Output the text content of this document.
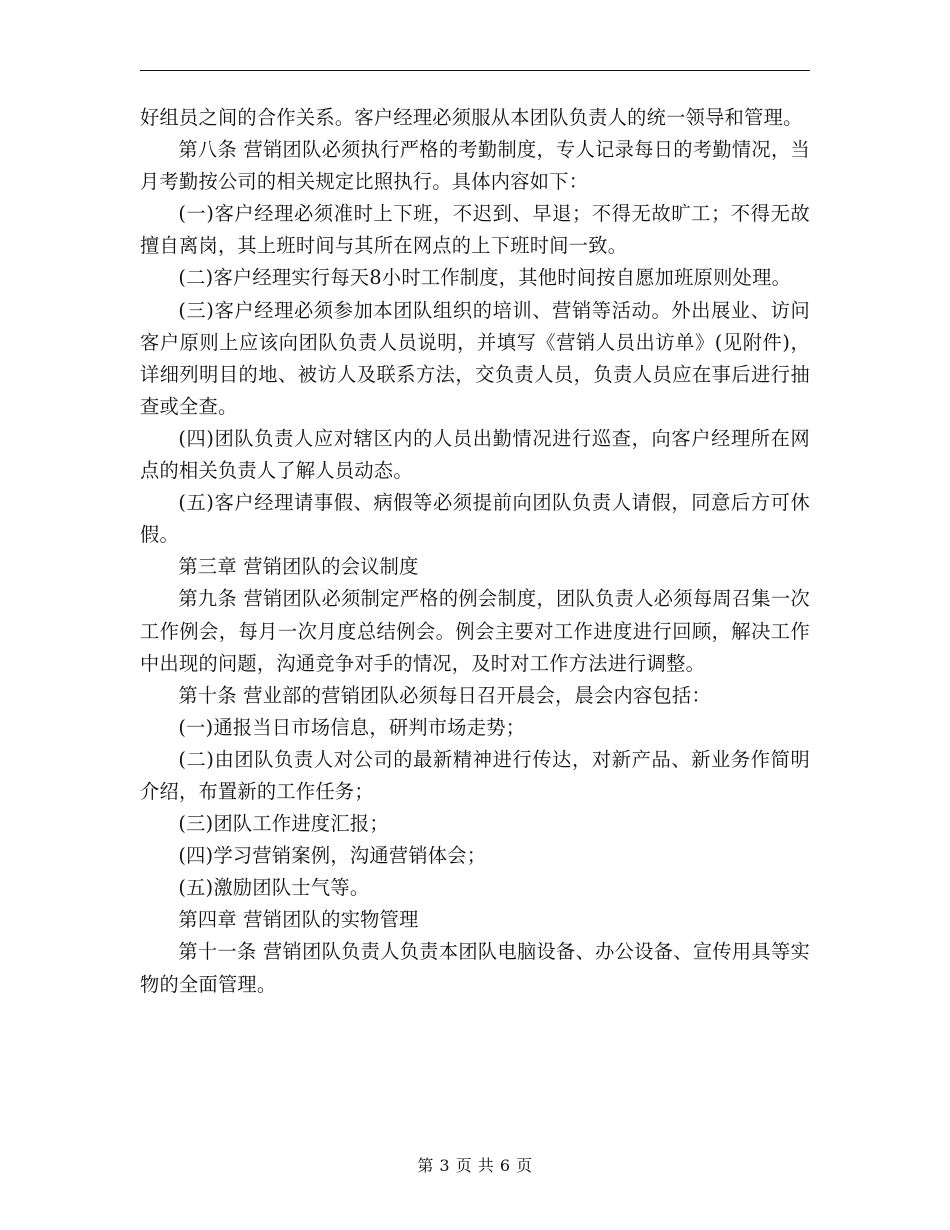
好组员之间的合作关系。客户经理必须服从本团队负责人的统一领导和管理。

第八条 营销团队必须执行严格的考勤制度，专人记录每日的考勤情况，当月考勤按公司的相关规定比照执行。具体内容如下：

(一)客户经理必须准时上下班，不迟到、早退；不得无故旷工；不得无故擅自离岗，其上班时间与其所在网点的上下班时间一致。

(二)客户经理实行每天8小时工作制度，其他时间按自愿加班原则处理。

(三)客户经理必须参加本团队组织的培训、营销等活动。外出展业、访问客户原则上应该向团队负责人员说明，并填写《营销人员出访单》(见附件)，详细列明目的地、被访人及联系方法，交负责人员，负责人员应在事后进行抽查或全查。

(四)团队负责人应对辖区内的人员出勤情况进行巡查，向客户经理所在网点的相关负责人了解人员动态。

(五)客户经理请事假、病假等必须提前向团队负责人请假，同意后方可休假。

第三章 营销团队的会议制度

第九条 营销团队必须制定严格的例会制度，团队负责人必须每周召集一次工作例会，每月一次月度总结例会。例会主要对工作进度进行回顾，解决工作中出现的问题，沟通竞争对手的情况，及时对工作方法进行调整。

第十条 营业部的营销团队必须每日召开晨会，晨会内容包括：

(一)通报当日市场信息，研判市场走势；

(二)由团队负责人对公司的最新精神进行传达，对新产品、新业务作简明介绍，布置新的工作任务；

(三)团队工作进度汇报；

(四)学习营销案例，沟通营销体会；

(五)激励团队士气等。

第四章 营销团队的实物管理

第十一条 营销团队负责人负责本团队电脑设备、办公设备、宣传用具等实物的全面管理。

第 3 页 共 6 页
